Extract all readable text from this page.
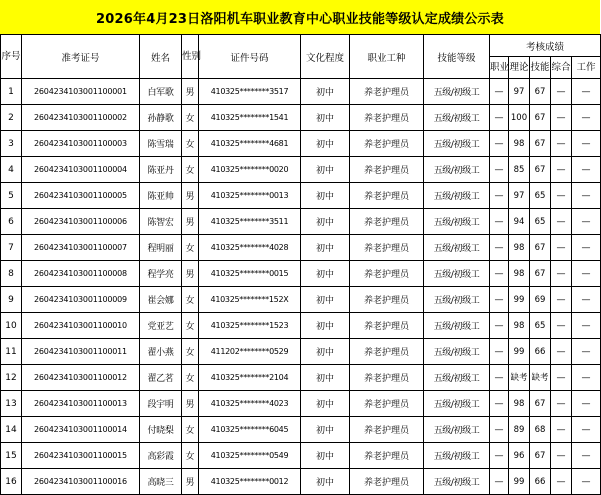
2026年4月23日洛阳机车职业教育中心职业技能等级认定成绩公示表
序号	准考证号	姓名	性别	证件号码	文化程度	职业工种	技能等级	考核成绩				
								职业	理论	技能	综合	工作
1	2604234103001100001	白军歌	男	410325********3517	初中	养老护理员	五级/初级工	—	97	67	—	—
2	2604234103001100002	孙静歌	女	410325********1541	初中	养老护理员	五级/初级工	—	100	67	—	—
3	2604234103001100003	陈雪瑞	女	410325********4681	初中	养老护理员	五级/初级工	—	98	67	—	—
4	2604234103001100004	陈亚丹	女	410325********0020	初中	养老护理员	五级/初级工	—	85	67	—	—
5	2604234103001100005	陈亚帅	男	410325********0013	初中	养老护理员	五级/初级工	—	97	65	—	—
6	2604234103001100006	陈智宏	男	410325********3511	初中	养老护理员	五级/初级工	—	94	65	—	—
7	2604234103001100007	程明丽	女	410325********4028	初中	养老护理员	五级/初级工	—	98	67	—	—
8	2604234103001100008	程学亮	男	410325********0015	初中	养老护理员	五级/初级工	—	98	67	—	—
9	2604234103001100009	崔会娜	女	410325********152X	初中	养老护理员	五级/初级工	—	99	69	—	—
10	2604234103001100010	党亚艺	女	410325********1523	初中	养老护理员	五级/初级工	—	98	65	—	—
11	2604234103001100011	翟小燕	女	411202********0529	初中	养老护理员	五级/初级工	—	99	66	—	—
12	2604234103001100012	翟乙茗	女	410325********2104	初中	养老护理员	五级/初级工	—	缺考	缺考	—	—
13	2604234103001100013	段宇明	男	410325********4023	初中	养老护理员	五级/初级工	—	98	67	—	—
14	2604234103001100014	付晓梨	女	410325********6045	初中	养老护理员	五级/初级工	—	89	68	—	—
15	2604234103001100015	高彩霞	女	410325********0549	初中	养老护理员	五级/初级工	—	96	67	—	—
16	2604234103001100016	高晓三	男	410325********0012	初中	养老护理员	五级/初级工	—	99	66	—	—
